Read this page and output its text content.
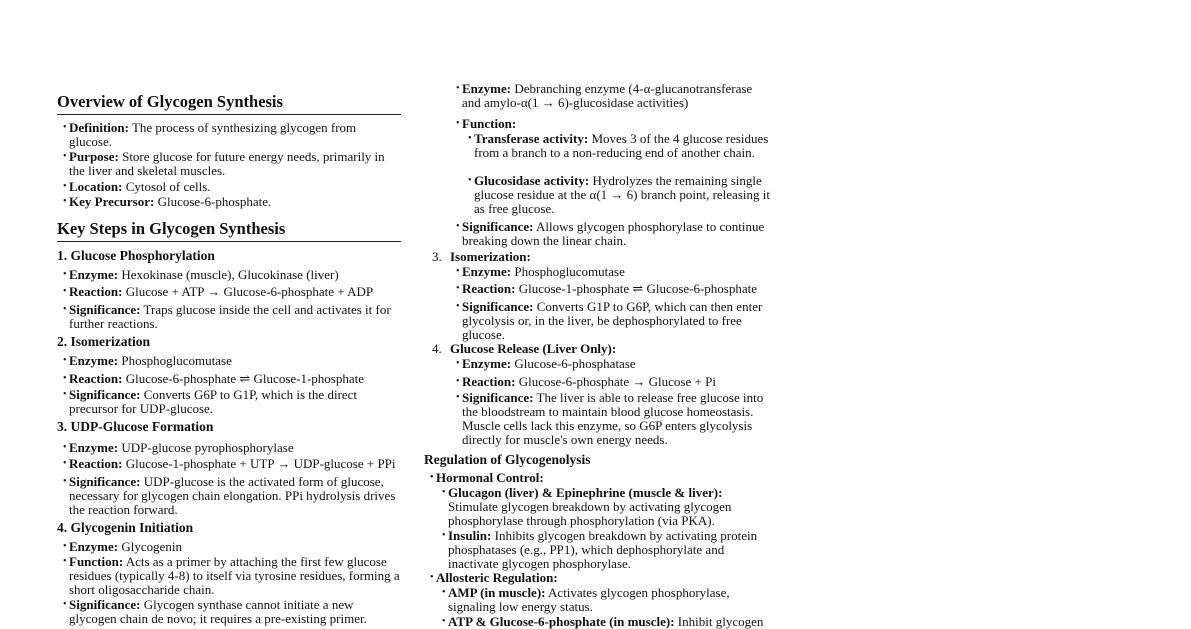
Overview of Glycogen Synthesis
• Definition: The process of synthesizing glycogen from glucose.
• Purpose: Store glucose for future energy needs, primarily in the liver and skeletal muscles.
• Location: Cytosol of cells.
• Key Precursor: Glucose-6-phosphate.
Key Steps in Glycogen Synthesis
1. Glucose Phosphorylation
• Enzyme: Hexokinase (muscle), Glucokinase (liver)
• Reaction: Glucose + ATP → Glucose-6-phosphate + ADP
• Significance: Traps glucose inside the cell and activates it for further reactions.
2. Isomerization
• Enzyme: Phosphoglucomutase
• Reaction: Glucose-6-phosphate ⇌ Glucose-1-phosphate
• Significance: Converts G6P to G1P, which is the direct precursor for UDP-glucose.
3. UDP-Glucose Formation
• Enzyme: UDP-glucose pyrophosphorylase
• Reaction: Glucose-1-phosphate + UTP → UDP-glucose + PPi
• Significance: UDP-glucose is the activated form of glucose, necessary for glycogen chain elongation. PPi hydrolysis drives the reaction forward.
4. Glycogenin Initiation
• Enzyme: Glycogenin
• Function: Acts as a primer by attaching the first few glucose residues (typically 4-8) to itself via tyrosine residues, forming a short oligosaccharide chain.
• Significance: Glycogen synthase cannot initiate a new glycogen chain de novo; it requires a pre-existing primer.
• Enzyme: Debranching enzyme (4-α-glucanotransferase and amylo-α(1 → 6)-glucosidase activities)
• Function:
• Transferase activity: Moves 3 of the 4 glucose residues from a branch to a non-reducing end of another chain.
• Glucosidase activity: Hydrolyzes the remaining single glucose residue at the α(1 → 6) branch point, releasing it as free glucose.
• Significance: Allows glycogen phosphorylase to continue breaking down the linear chain.
3. Isomerization:
• Enzyme: Phosphoglucomutase
• Reaction: Glucose-1-phosphate ⇌ Glucose-6-phosphate
• Significance: Converts G1P to G6P, which can then enter glycolysis or, in the liver, be dephosphorylated to free glucose.
4. Glucose Release (Liver Only):
• Enzyme: Glucose-6-phosphatase
• Reaction: Glucose-6-phosphate → Glucose + Pi
• Significance: The liver is able to release free glucose into the bloodstream to maintain blood glucose homeostasis. Muscle cells lack this enzyme, so G6P enters glycolysis directly for muscle's own energy needs.
Regulation of Glycogenolysis
• Hormonal Control:
• Glucagon (liver) & Epinephrine (muscle & liver): Stimulate glycogen breakdown by activating glycogen phosphorylase through phosphorylation (via PKA).
• Insulin: Inhibits glycogen breakdown by activating protein phosphatases (e.g., PP1), which dephosphorylate and inactivate glycogen phosphorylase.
• Allosteric Regulation:
• AMP (in muscle): Activates glycogen phosphorylase, signaling low energy status.
• ATP & Glucose-6-phosphate (in muscle): Inhibit glycogen
